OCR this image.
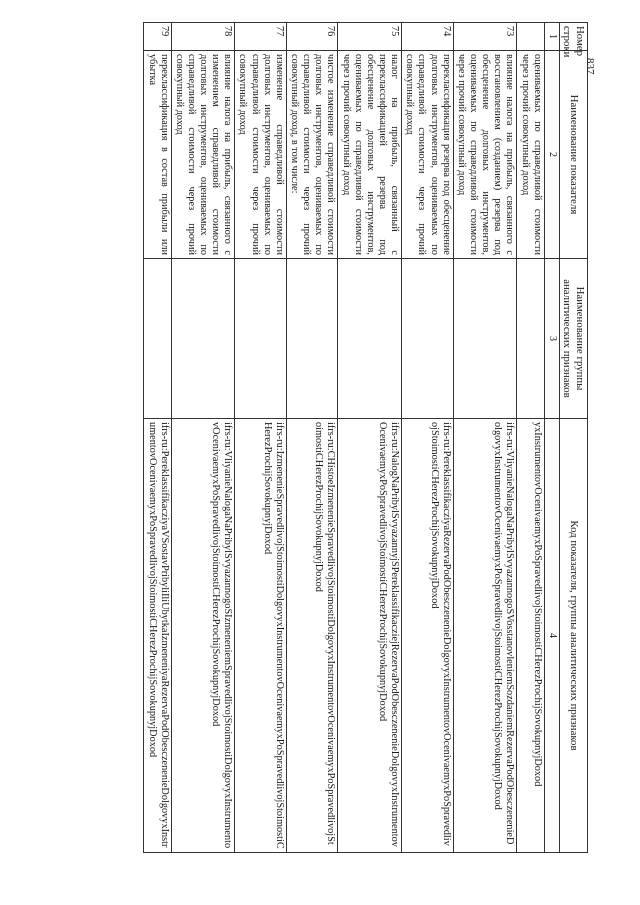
837
Номер строки	Наименование показателя	Наименование группы аналитических признаков	Код показателя, группы аналитических признаков
1	2	3	4
	оцениваемых по справедливой стоимости через прочий совокупный доход		yxInstrumentovOcenivaemyxPoSpravedlivojStoimostiCHerezProchijSovokupnyjDoxod
73	влияние налога на прибыль, связанного с восстановлением (созданием) резерва под обесценение долговых инструментов, оцениваемых по справедливой стоимости через прочий совокупный доход		ifrs-ru:VliyanieNalogaNaPribylSvyazannogoSVosstanovleniemSozdaniemRezervaPodObesczenenieDolgovyxInstrumentovOcenivaemyxPoSpravedlivojStoimostiCHerezProchijSovokupnyjDoxod
74	переклассификация резерва под обесценение долговых инструментов, оцениваемых по справедливой стоимости через прочий совокупный доход		ifrs-ru:PereklassifikacziyaRezervaPodObesczenenieDolgovyxInstrumentovOcenivaemyxPoSpravedlivojStoimostiCHerezProchijSovokupnyjDoxod
75	налог на прибыль, связанный с переклассификацией резерва под обесценение долговых инструментов, оцениваемых по справедливой стоимости через прочий совокупный доход		ifrs-ru:NalogNaPribylSvyazannyjSPereklassifikacziejRezervaPodObesczenenieDolgovyxInstrumentovOcenivaemyxPoSpravedlivojStoimostiCHerezProchijSovokupnyjDoxod
76	чистое изменение справедливой стоимости долговых инструментов, оцениваемых по справедливой стоимости через прочий совокупный доход, в том числе:		ifrs-ru:CHistoeIzmenenieSpravedlivojStoimostiDolgovyxInstrumentovOcenivaemyxPoSpravedlivojStoimostiCHerezProchijSovokupnyjDoxod
77	изменение справедливой стоимости долговых инструментов, оцениваемых по справедливой стоимости через прочий совокупный доход		ifrs-ru:IzmenenieSpravedlivojStoimostiDolgovyxInstrumentovOcenivaemyxPoSpravedlivojStoimostiCHerezProchijSovokupnyjDoxod
78	влияние налога на прибыль, связанного с изменением справедливой стоимости долговых инструментов, оцениваемых по справедливой стоимости через прочий совокупный доход		ifrs-ru:VliyanieNalogaNaPribylSvyazannogoSIzmeneniemSpravedlivojStoimostiDolgovyxInstrumentovOcenivaemyxPoSpravedlivojStoimostiCHerezProchijSovokupnyjDoxod
79	переклассификация в состав прибыли или убытка		ifrs-ru:PereklassifikacziyaVSostavPribyliIliUbytkaIzmeneniyaRezervaPodObesczenenieDolgovyxInstrumentovOcenivaemyxPoSpravedlivojStoimostiCHerezProchijSovokupnyjDoxod
